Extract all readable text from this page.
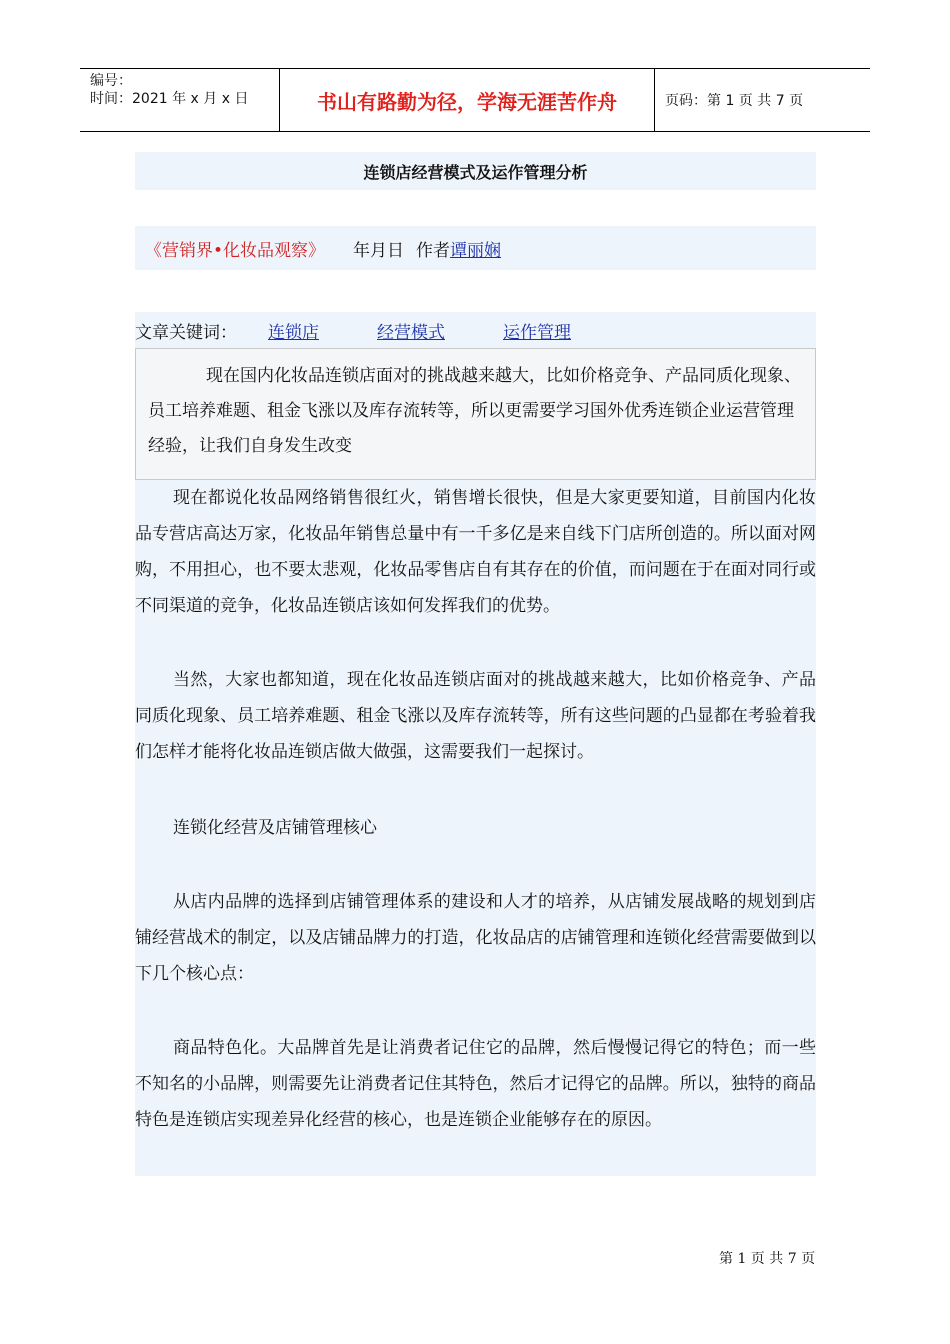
编号：
时间：2021 年 x 月 x 日	书山有路勤为径，学海无涯苦作舟	页码：第 1 页 共 7 页
连锁店经营模式及运作管理分析
《营销界•化妆品观察》 年月日 作者 谭丽娴
文章关键词：	连锁店	经营模式	运作管理
现在国内化妆品连锁店面对的挑战越来越大，比如价格竞争、产品同质化现象、员工培养难题、租金飞涨以及库存流转等，所以更需要学习国外优秀连锁企业运营管理经验，让我们自身发生改变

现在都说化妆品网络销售很红火，销售增长很快，但是大家更要知道，目前国内化妆品专营店高达万家，化妆品年销售总量中有一千多亿是来自线下门店所创造的。所以面对网购，不用担心，也不要太悲观，化妆品零售店自有其存在的价值，而问题在于在面对同行或不同渠道的竞争，化妆品连锁店该如何发挥我们的优势。

当然，大家也都知道，现在化妆品连锁店面对的挑战越来越大，比如价格竞争、产品同质化现象、员工培养难题、租金飞涨以及库存流转等，所有这些问题的凸显都在考验着我们怎样才能将化妆品连锁店做大做强，这需要我们一起探讨。

连锁化经营及店铺管理核心

从店内品牌的选择到店铺管理体系的建设和人才的培养，从店铺发展战略的规划到店铺经营战术的制定，以及店铺品牌力的打造，化妆品店的店铺管理和连锁化经营需要做到以下几个核心点：

商品特色化。大品牌首先是让消费者记住它的品牌，然后慢慢记得它的特色；而一些不知名的小品牌，则需要先让消费者记住其特色，然后才记得它的品牌。所以，独特的商品特色是连锁店实现差异化经营的核心，也是连锁企业能够存在的原因。

第 1 页 共 7 页
